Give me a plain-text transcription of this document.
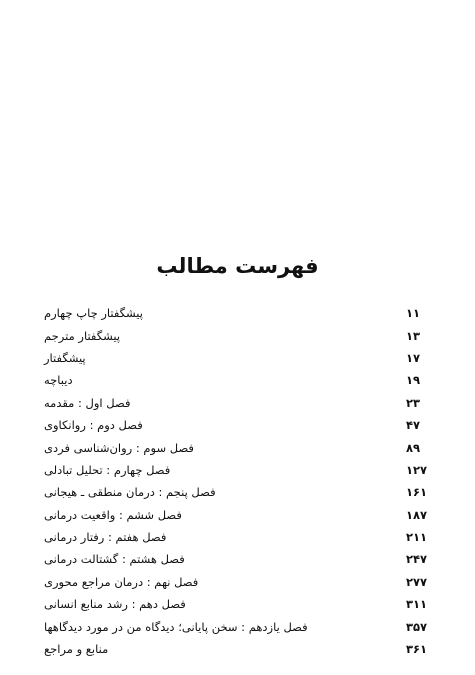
فهرست مطالب
پیشگفتار چاپ چهارم	۱۱
پیشگفتار مترجم	۱۳
پیشگفتار	۱۷
دیباچه	۱۹
فصل اول : مقدمه	۲۳
فصل دوم : روانکاوی	۴۷
فصل سوم : روان‌شناسی فردی	۸۹
فصل چهارم : تحلیل تبادلی	۱۲۷
فصل پنجم : درمان منطقی ـ هیجانی	۱۶۱
فصل ششم : واقعیت درمانی	۱۸۷
فصل هفتم : رفتار درمانی	۲۱۱
فصل هشتم : گشتالت درمانی	۲۴۷
فصل نهم : درمان مراجع محوری	۲۷۷
فصل دهم : رشد منابع انسانی	۳۱۱
فصل یازدهم : سخن پایانی؛ دیدگاه من در مورد دیدگاهها	۳۵۷
منابع و مراجع	۳۶۱
